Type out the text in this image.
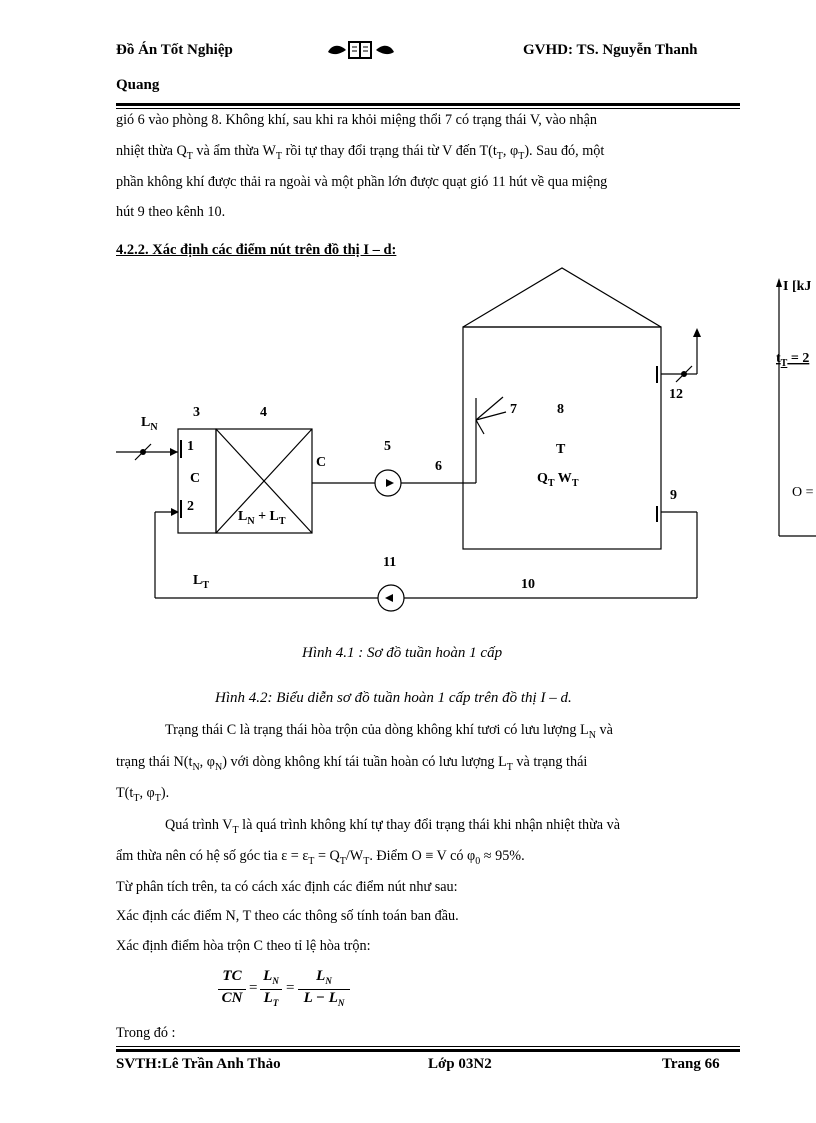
Đồ Án Tốt Nghiệp	GVHD: TS. Nguyễn Thanh
Quang
gió 6 vào phòng 8. Không khí, sau khi ra khỏi miệng thổi 7 có trạng thái V, vào nhận
nhiệt thừa $Q_T$ và ẩm thừa $W_T$ rồi tự thay đổi trạng thái từ V đến $T(t_T$, $\varphi_T$). Sau đó, một
phần không khí được thải ra ngoài và một phần lớn được quạt gió 11 hút về qua miệng
hút 9 theo kênh 10.
4.2.2. Xác định các điểm nút trên đồ thị I – d:
1
2
3	4
5
6
7	8
9
10
11
12
C
C
$L_N$
$L_N + L_T$
$L_T$
T
$Q_T$ $W_T$
I [kJ
$t_T = 2$
O =
Hình 4.1 : Sơ đồ tuần hoàn 1 cấp
Hình 4.2: Biểu diễn sơ đồ tuần hoàn 1 cấp trên đồ thị I – d.
Trạng thái C là trạng thái hòa trộn của dòng không khí tươi có lưu lượng $L_N$ và
trạng thái $N(t_N$, $\varphi_N$) với dòng không khí tái tuần hoàn có lưu lượng $L_T$ và trạng thái
$T(t_T$, $\varphi_T$).
Quá trình $V_T$ là quá trình không khí tự thay đổi trạng thái khi nhận nhiệt thừa và
ẩm thừa nên có hệ số góc tia $\varepsilon = \varepsilon_T = Q_T/W_T$. Điểm O ≡ V có $\varphi_0 \approx 95\%$.
Từ phân tích trên, ta có cách xác định các điểm nút như sau:
Xác định các điểm N, T theo các thông số tính toán ban đầu.
Xác định điểm hòa trộn C theo tỉ lệ hòa trộn:
TC
CN
=
$L_N$
$L_T$
=
$L_N$
$L - L_N$
Trong đó :
SVTH:Lê Trần Anh Thảo	Lớp 03N2	Trang 66
